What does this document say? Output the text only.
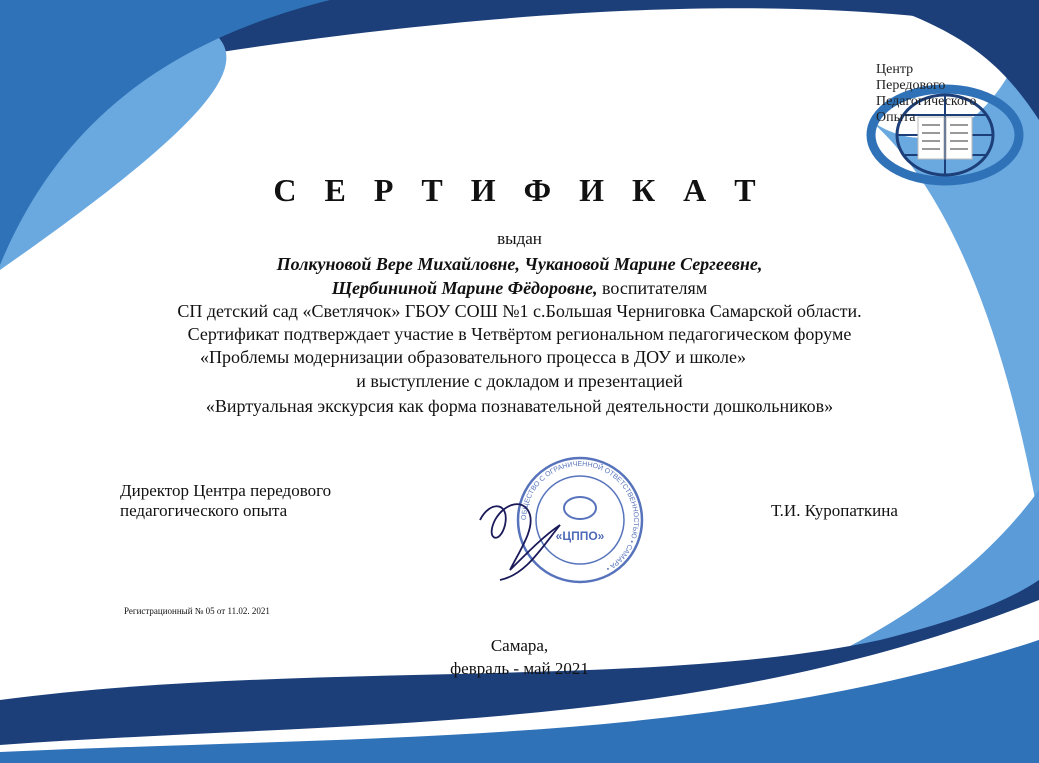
Центр
Передового
Педагогического
Опыта
С Е Р Т И Ф И К А Т
выдан
Полкуновой Вере Михайловне, Чукановой Марине Сергеевне,
Щербининой Марине Фёдоровне, воспитателям
СП детский сад «Светлячок» ГБОУ СОШ №1 с.Большая Черниговка Самарской области.
Сертификат подтверждает участие в Четвёртом региональном педагогическом форуме
«Проблемы модернизации образовательного процесса в ДОУ и школе»
и выступление с докладом и презентацией
«Виртуальная экскурсия как форма познавательной деятельности дошкольников»
Директор Центра передового
педагогического опыта	Т.И. Куропаткина
ОБЩЕСТВО С ОГРАНИЧЕННОЙ ОТВЕТСТВЕННОСТЬЮ • САМАРА •
«ЦППО»
Регистрационный № 05 от 11.02. 2021
Самара,
февраль - май 2021
